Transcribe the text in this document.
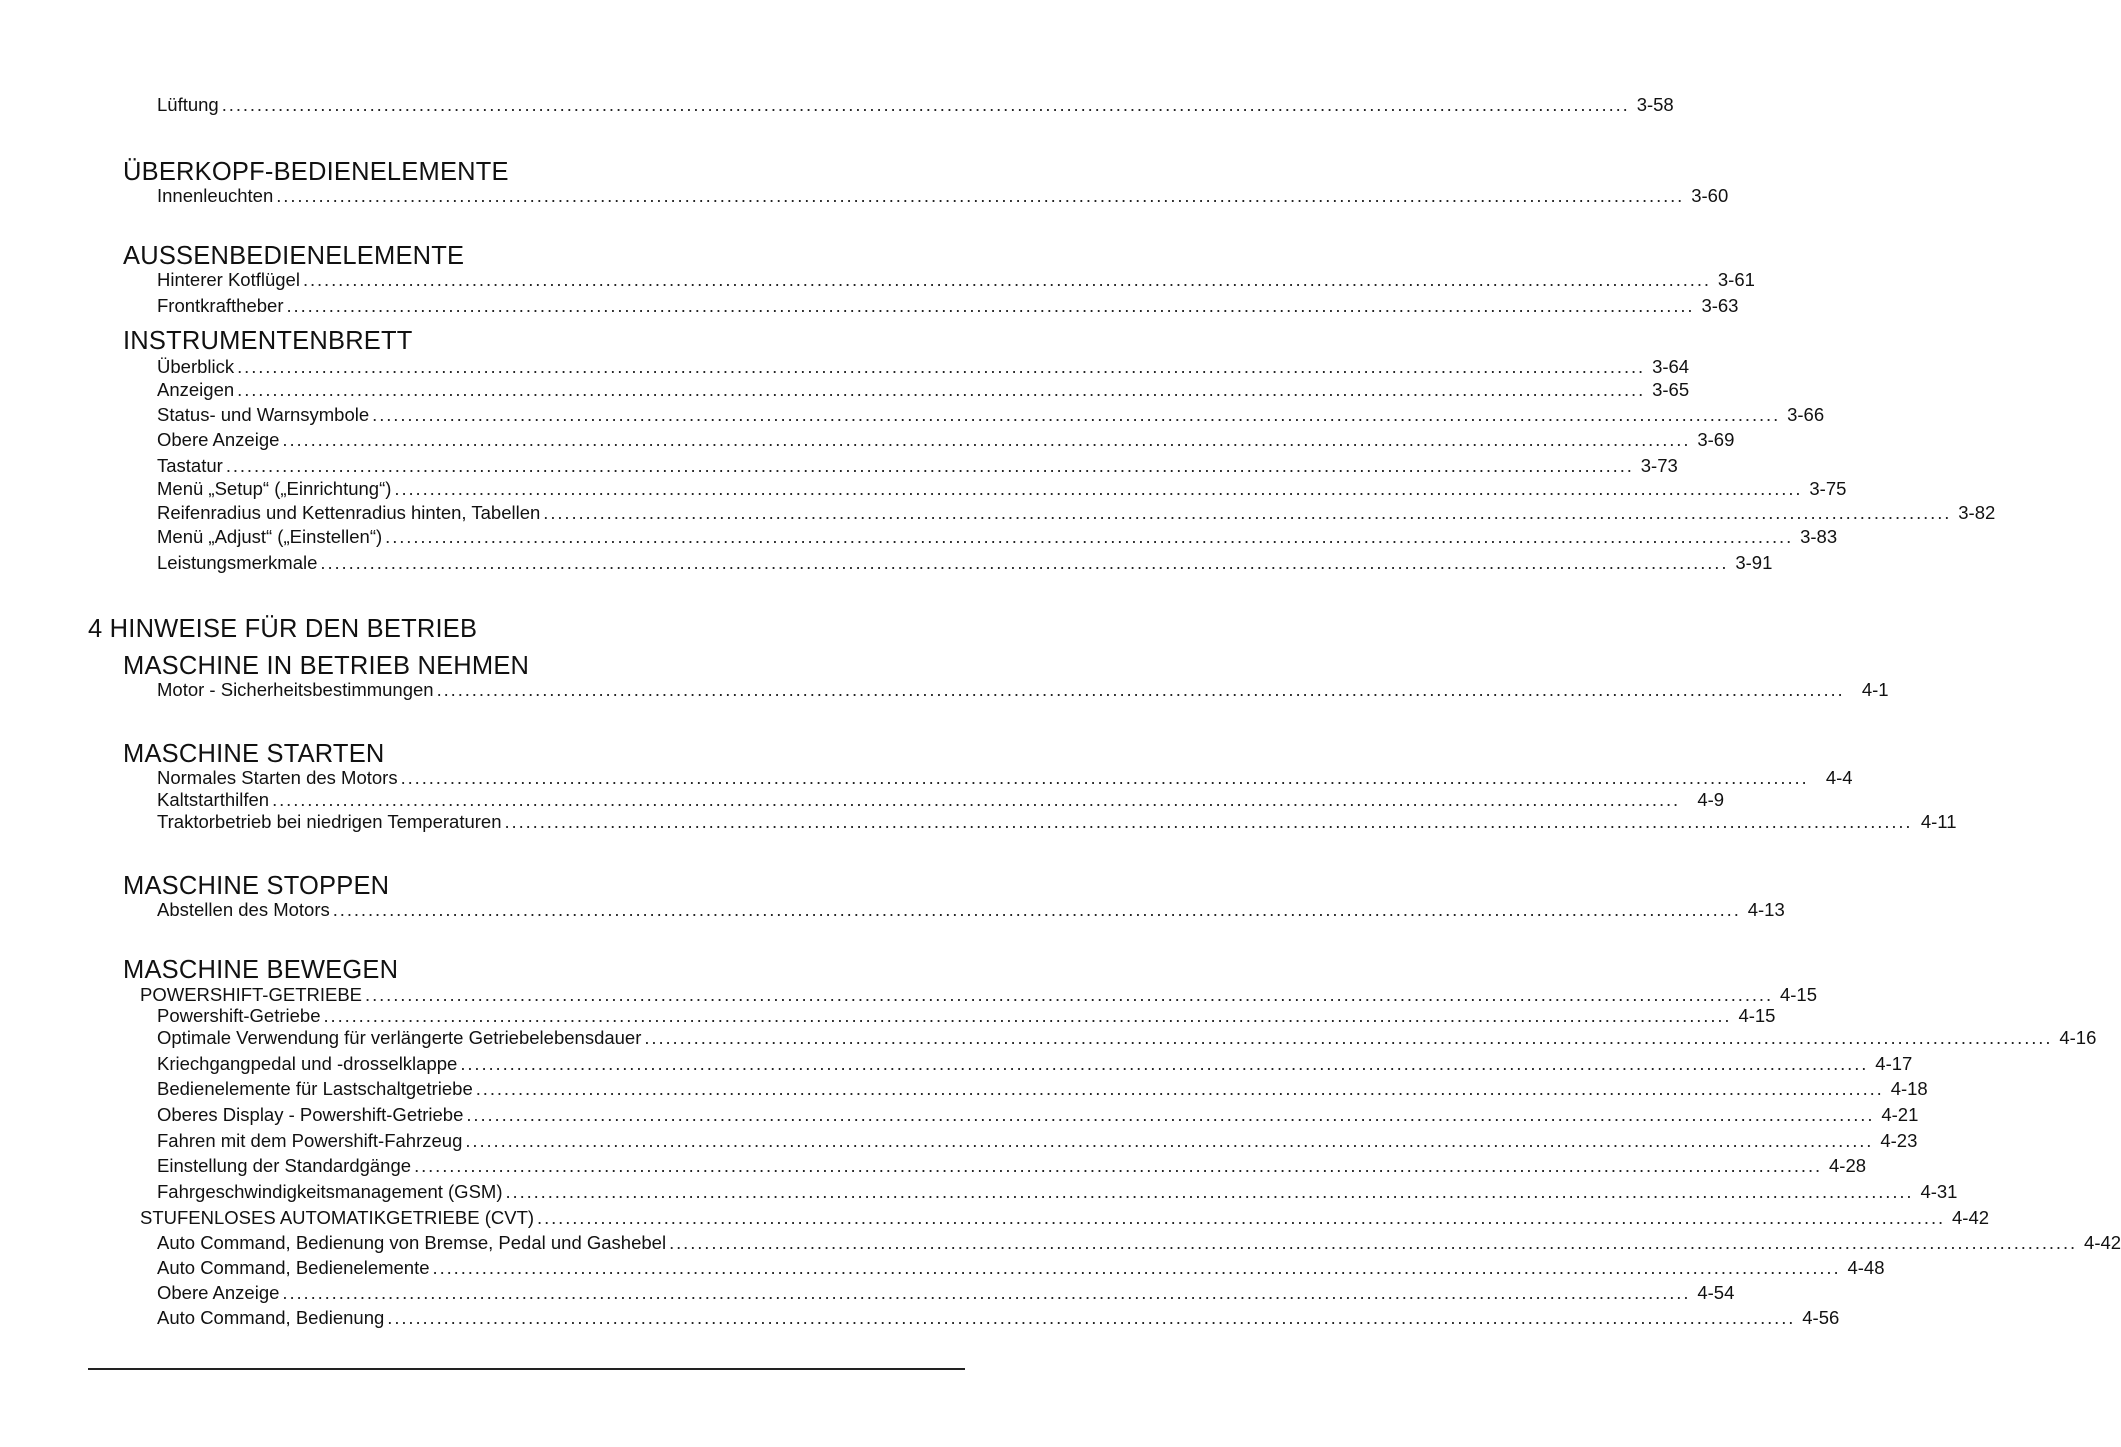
Lüftung ........................................................................................................................................................................................................ 3-58
ÜBERKOPF-BEDIENELEMENTE
Innenleuchten ........................................................................................................................................................................................................ 3-60
AUSSENBEDIENELEMENTE
Hinterer Kotflügel ........................................................................................................................................................................................................ 3-61
Frontkraftheber ........................................................................................................................................................................................................ 3-63
INSTRUMENTENBRETT
Überblick ........................................................................................................................................................................................................ 3-64
Anzeigen ........................................................................................................................................................................................................ 3-65
Status- und Warnsymbole ........................................................................................................................................................................................................ 3-66
Obere Anzeige ........................................................................................................................................................................................................ 3-69
Tastatur ........................................................................................................................................................................................................ 3-73
Menü „Setup“ („Einrichtung“) ........................................................................................................................................................................................................ 3-75
Reifenradius und Kettenradius hinten, Tabellen ........................................................................................................................................................................................................ 3-82
Menü „Adjust“ („Einstellen“) ........................................................................................................................................................................................................ 3-83
Leistungsmerkmale ........................................................................................................................................................................................................ 3-91
4 HINWEISE FÜR DEN BETRIEB
MASCHINE IN BETRIEB NEHMEN
Motor - Sicherheitsbestimmungen ........................................................................................................................................................................................................ 4-1
MASCHINE STARTEN
Normales Starten des Motors ........................................................................................................................................................................................................ 4-4
Kaltstarthilfen ........................................................................................................................................................................................................ 4-9
Traktorbetrieb bei niedrigen Temperaturen ........................................................................................................................................................................................................ 4-11
MASCHINE STOPPEN
Abstellen des Motors ........................................................................................................................................................................................................ 4-13
MASCHINE BEWEGEN
POWERSHIFT-GETRIEBE ........................................................................................................................................................................................................ 4-15
Powershift-Getriebe ........................................................................................................................................................................................................ 4-15
Optimale Verwendung für verlängerte Getriebelebensdauer ........................................................................................................................................................................................................ 4-16
Kriechgangpedal und -drosselklappe ........................................................................................................................................................................................................ 4-17
Bedienelemente für Lastschaltgetriebe ........................................................................................................................................................................................................ 4-18
Oberes Display - Powershift-Getriebe ........................................................................................................................................................................................................ 4-21
Fahren mit dem Powershift-Fahrzeug ........................................................................................................................................................................................................ 4-23
Einstellung der Standardgänge ........................................................................................................................................................................................................ 4-28
Fahrgeschwindigkeitsmanagement (GSM) ........................................................................................................................................................................................................ 4-31
STUFENLOSES AUTOMATIKGETRIEBE (CVT) ........................................................................................................................................................................................................ 4-42
Auto Command, Bedienung von Bremse, Pedal und Gashebel ........................................................................................................................................................................................................ 4-42
Auto Command, Bedienelemente ........................................................................................................................................................................................................ 4-48
Obere Anzeige ........................................................................................................................................................................................................ 4-54
Auto Command, Bedienung ........................................................................................................................................................................................................ 4-56
